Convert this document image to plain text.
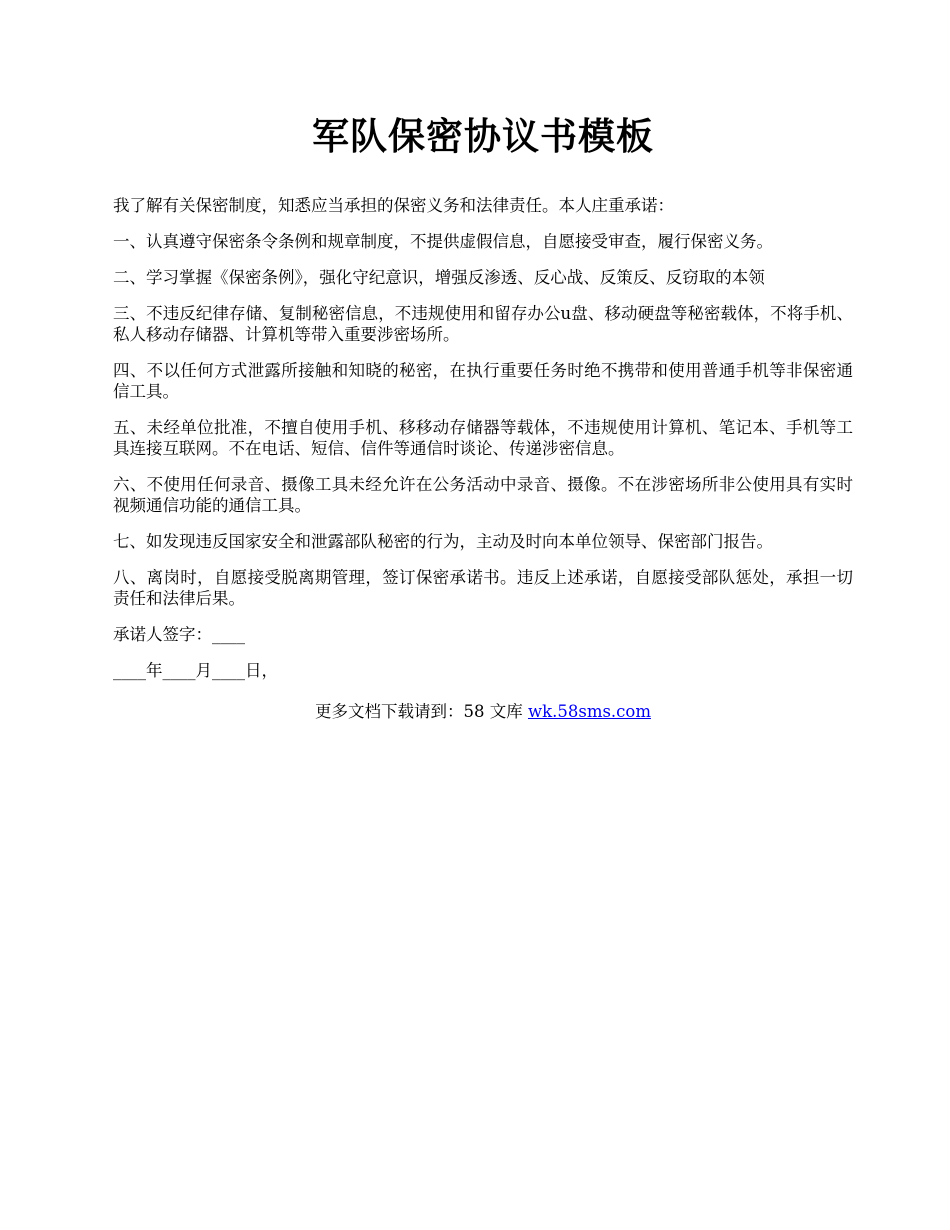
军队保密协议书模板

我了解有关保密制度，知悉应当承担的保密义务和法律责任。本人庄重承诺：

一、认真遵守保密条令条例和规章制度，不提供虚假信息，自愿接受审查，履行保密义务。

二、学习掌握《保密条例》，强化守纪意识，增强反渗透、反心战、反策反、反窃取的本领

三、不违反纪律存储、复制秘密信息，不违规使用和留存办公u盘、移动硬盘等秘密载体，不将手机、私人移动存储器、计算机等带入重要涉密场所。

四、不以任何方式泄露所接触和知晓的秘密，在执行重要任务时绝不携带和使用普通手机等非保密通信工具。

五、未经单位批准，不擅自使用手机、移移动存储器等载体，不违规使用计算机、笔记本、手机等工具连接互联网。不在电话、短信、信件等通信时谈论、传递涉密信息。

六、不使用任何录音、摄像工具未经允许在公务活动中录音、摄像。不在涉密场所非公使用具有实时视频通信功能的通信工具。

七、如发现违反国家安全和泄露部队秘密的行为，主动及时向本单位领导、保密部门报告。

八、离岗时，自愿接受脱离期管理，签订保密承诺书。违反上述承诺，自愿接受部队惩处，承担一切责任和法律后果。

承诺人签字：____

____年____月____日，

更多文档下载请到：58 文库 wk.58sms.com
